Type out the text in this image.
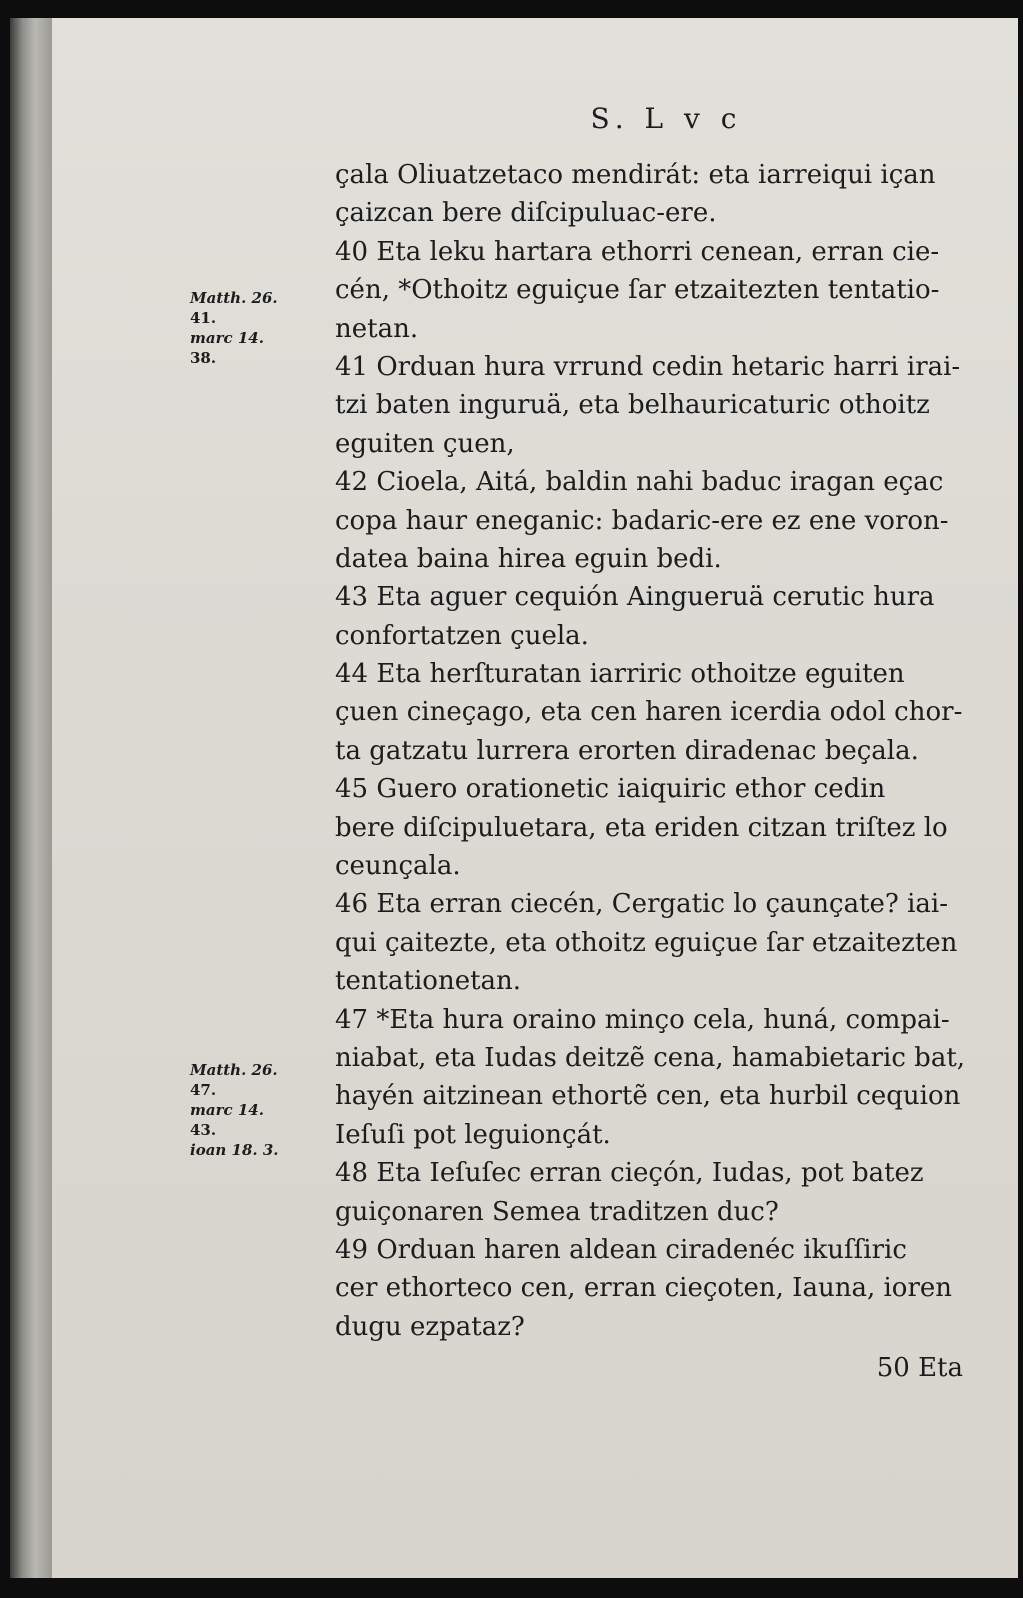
S. L v c
çala Oliuatzetaco mendirát: eta iarreiqui içan
çaizcan bere diſcipuluac-ere.
40 Eta leku hartara ethorri cenean, erran cie-
cén, *Othoitz eguiçue ſar etzaitezten tentatio-
netan.
41 Orduan hura vrrund cedin hetaric harri irai-
tzi baten inguruä, eta belhauricaturic othoitz
eguiten çuen,
42 Cioela, Aitá, baldin nahi baduc iragan eçac
copa haur eneganic: badaric-ere ez ene voron-
datea baina hirea eguin bedi.
43 Eta aguer cequión Aingueruä cerutic hura
confortatzen çuela.
44 Eta herſturatan iarriric othoitze eguiten
çuen cineçago, eta cen haren icerdia odol chor-
ta gatzatu lurrera erorten diradenac beçala.
45 Guero orationetic iaiquiric ethor cedin
bere diſcipuluetara, eta eriden citzan triſtez lo
ceunçala.
46 Eta erran ciecén, Cergatic lo çaunçate? iai-
qui çaitezte, eta othoitz eguiçue ſar etzaitezten
tentationetan.
47 *Eta hura oraino minço cela, huná, compai-
niabat, eta Iudas deitzẽ cena, hamabietaric bat,
hayén aitzinean ethortẽ cen, eta hurbil cequion
Ieſuſi pot leguionçát.
48 Eta Ieſuſec erran cieçón, Iudas, pot batez
guiçonaren Semea traditzen duc?
49 Orduan haren aldean ciradenéc ikuſſiric
cer ethorteco cen, erran cieçoten, Iauna, ioren
dugu ezpataz?
Matth. 26.
41.
marc 14.
38.
Matth. 26.
47.
marc 14.
43.
ioan 18. 3.
50 Eta
